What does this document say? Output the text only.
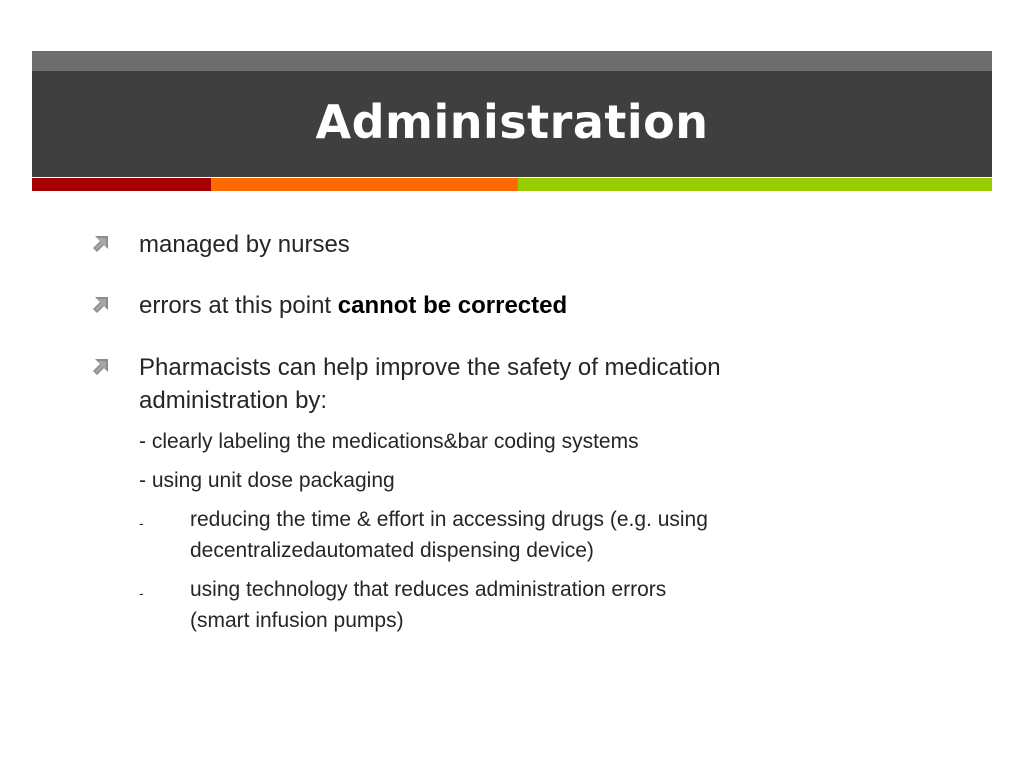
Administration
managed by nurses
errors at this point cannot be corrected
Pharmacists can help improve the safety of medication
administration by:
- clearly labeling the medications&bar coding systems
- using unit dose packaging
- reducing the time & effort in accessing drugs (e.g. using
decentralizedautomated dispensing device)
- using technology that reduces administration errors
(smart infusion pumps)
